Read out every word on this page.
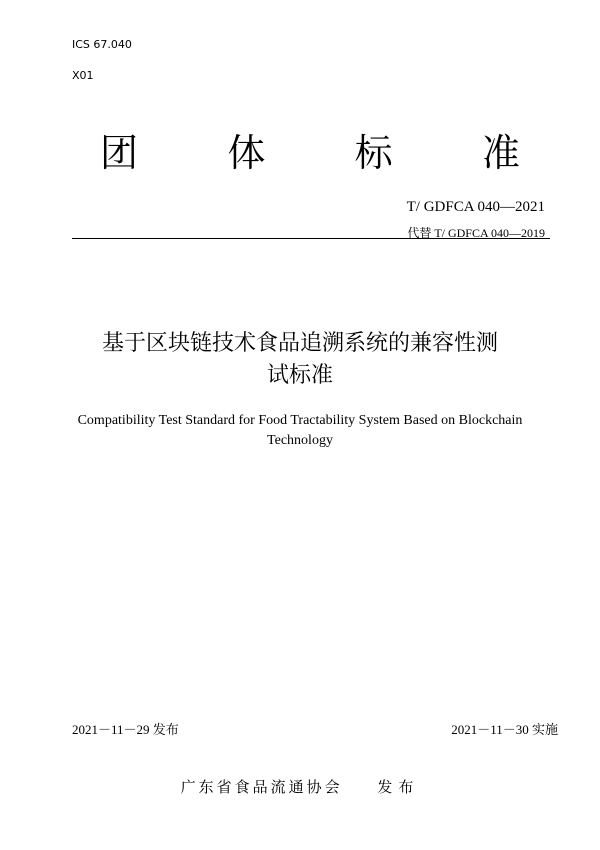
ICS 67.040
X01
团 体 标 准
T/ GDFCA 040—2021
代替 T/ GDFCA 040—2019
基于区块链技术食品追溯系统的兼容性测
试标准
Compatibility Test Standard for Food Tractability System Based on Blockchain
Technology
2021－11－29 发布	2021－11－30 实施
广东省食品流通协会 发布
